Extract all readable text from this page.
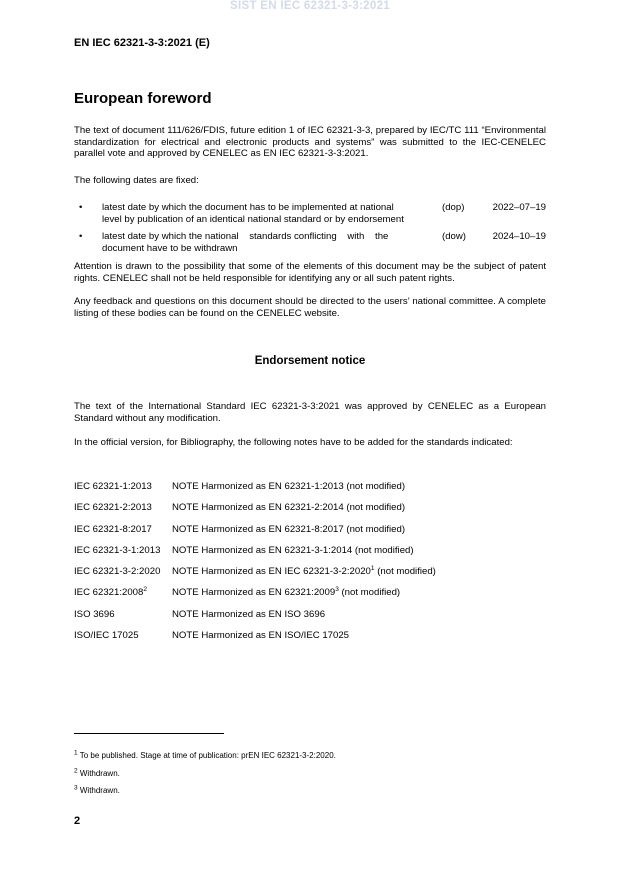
SIST EN IEC 62321-3-3:2021
EN IEC 62321-3-3:2021 (E)
European foreword

The text of document 111/626/FDIS, future edition 1 of IEC 62321-3-3, prepared by IEC/TC 111 “Environmental standardization for electrical and electronic products and systems” was submitted to the IEC-CENELEC parallel vote and approved by CENELEC as EN IEC 62321-3-3:2021.

The following dates are fixed:

• latest date by which the document has to be implemented at national	(dop)	2022–07–19
level by publication of an identical national standard or by endorsement
• latest date by which the national    standards conflicting    with    the	(dow)	2024–10–19
document have to be withdrawn

Attention is drawn to the possibility that some of the elements of this document may be the subject of patent rights. CENELEC shall not be held responsible for identifying any or all such patent rights.

Any feedback and questions on this document should be directed to the users’ national committee. A complete listing of these bodies can be found on the CENELEC website.

Endorsement notice

The text of the International Standard IEC 62321-3-3:2021 was approved by CENELEC as a European Standard without any modification.

In the official version, for Bibliography, the following notes have to be added for the standards indicated:

IEC 62321-1:2013	NOTE Harmonized as EN 62321-1:2013 (not modified)
IEC 62321-2:2013	NOTE Harmonized as EN 62321-2:2014 (not modified)
IEC 62321-8:2017	NOTE Harmonized as EN 62321-8:2017 (not modified)
IEC 62321-3-1:2013	NOTE Harmonized as EN 62321-3-1:2014 (not modified)
IEC 62321-3-2:2020	NOTE Harmonized as EN IEC 62321-3-2:2020$^1$ (not modified)
IEC 62321:2008$^2$	NOTE Harmonized as EN 62321:2009$^3$ (not modified)
ISO 3696	NOTE Harmonized as EN ISO 3696
ISO/IEC 17025	NOTE Harmonized as EN ISO/IEC 17025
$^1$ To be published. Stage at time of publication: prEN IEC 62321-3-2:2020.
$^2$ Withdrawn.
$^3$ Withdrawn.
2
